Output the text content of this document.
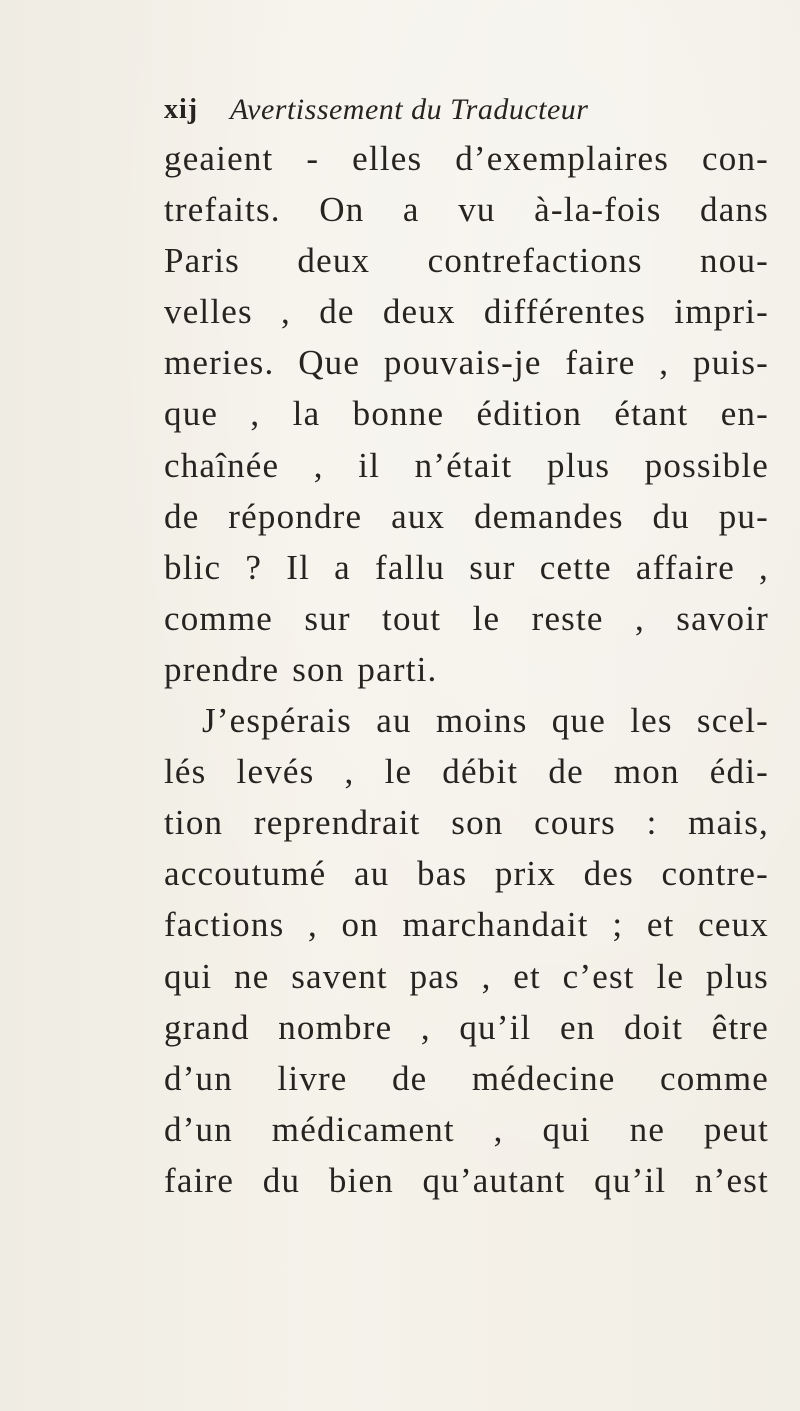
xij Avertissement du Traducteur
geaient - elles d’exemplaires con-
trefaits. On a vu à-la-fois dans
Paris deux contrefactions nou-
velles , de deux différentes impri-
meries. Que pouvais-je faire , puis-
que , la bonne édition étant en-
chaînée , il n’était plus possible
de répondre aux demandes du pu-
blic ? Il a fallu sur cette affaire ,
comme sur tout le reste , savoir
prendre son parti.
J’espérais au moins que les scel-
lés levés , le débit de mon édi-
tion reprendrait son cours : mais,
accoutumé au bas prix des contre-
factions , on marchandait ; et ceux
qui ne savent pas , et c’est le plus
grand nombre , qu’il en doit être
d’un livre de médecine comme
d’un médicament , qui ne peut
faire du bien qu’autant qu’il n’est
